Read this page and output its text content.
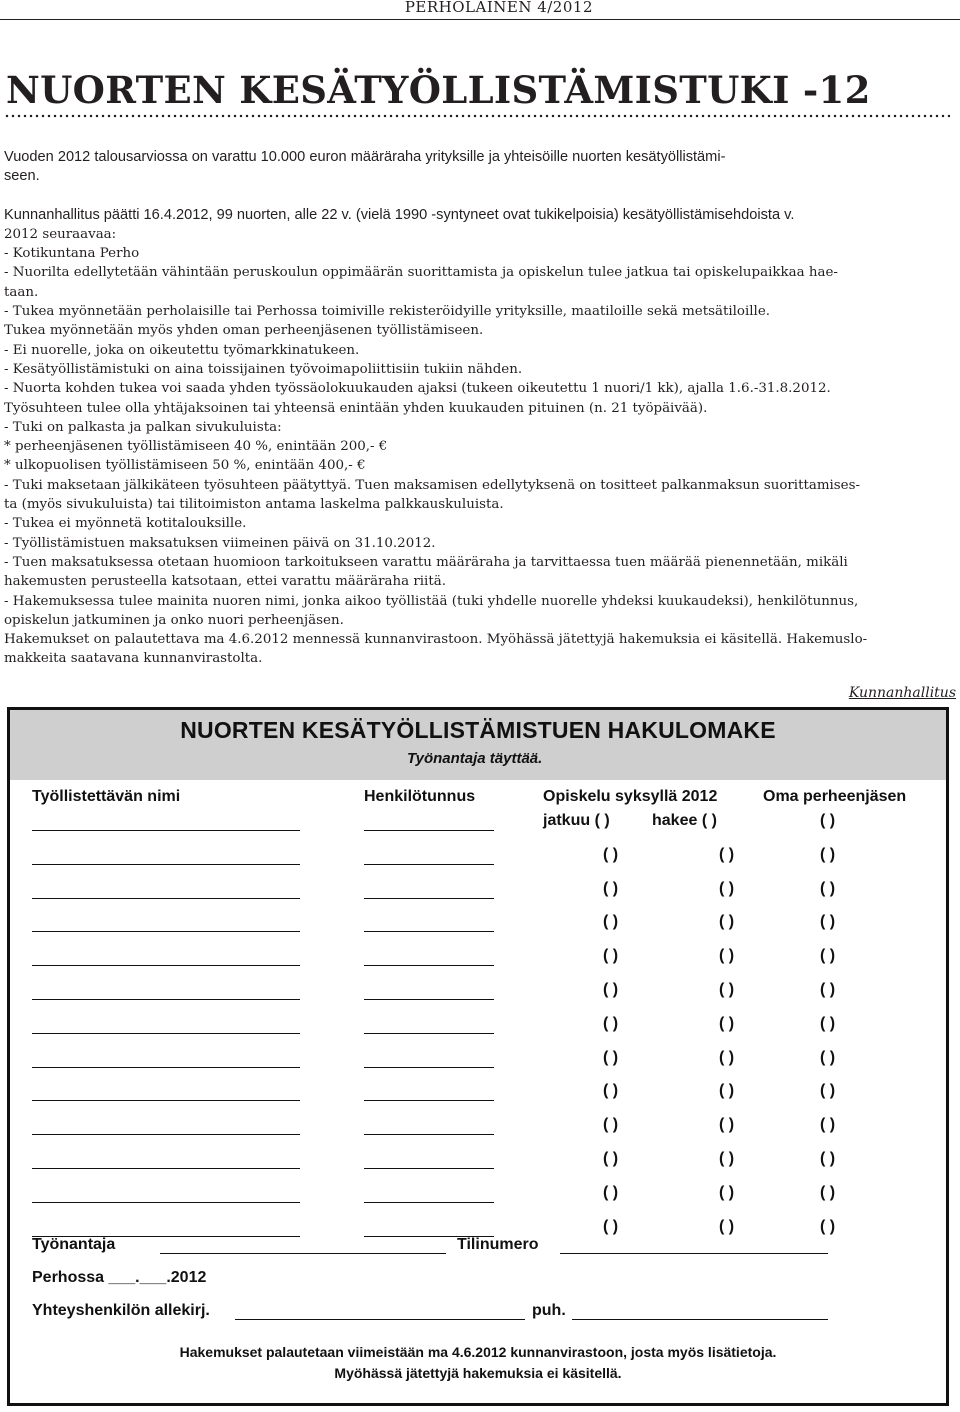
PERHOLAINEN 4/2012
NUORTEN KESÄTYÖLLISTÄMISTUKI -12

Vuoden 2012 talousarviossa on varattu 10.000 euron määräraha yrityksille ja yhteisöille nuorten kesätyöllistämi-

seen.

Kunnanhallitus päätti 16.4.2012, 99 nuorten, alle 22 v. (vielä 1990 -syntyneet ovat tukikelpoisia) kesätyöllistämisehdoista v.

2012 seuraavaa:

- Kotikuntana Perho

- Nuorilta edellytetään vähintään peruskoulun oppimäärän suorittamista ja opiskelun tulee jatkua tai opiskelupaikkaa hae-

taan.

- Tukea myönnetään perholaisille tai Perhossa toimiville rekisteröidyille yrityksille, maatiloille sekä metsätiloille.

Tukea myönnetään myös yhden oman perheenjäsenen työllistämiseen.

- Ei nuorelle, joka on oikeutettu työmarkkinatukeen.

- Kesätyöllistämistuki on aina toissijainen työvoimapoliittisiin tukiin nähden.

- Nuorta kohden tukea voi saada yhden työssäolokuukauden ajaksi (tukeen oikeutettu 1 nuori/1 kk), ajalla 1.6.-31.8.2012.

Työsuhteen tulee olla yhtäjaksoinen tai yhteensä enintään yhden kuukauden pituinen (n. 21 työpäivää).

- Tuki on palkasta ja palkan sivukuluista:

* perheenjäsenen työllistämiseen 40 %, enintään 200,- €

* ulkopuolisen työllistämiseen 50 %, enintään 400,- €

- Tuki maksetaan jälkikäteen työsuhteen päätyttyä. Tuen maksamisen edellytyksenä on tositteet palkanmaksun suorittamises-

ta (myös sivukuluista) tai tilitoimiston antama laskelma palkkauskuluista.

- Tukea ei myönnetä kotitalouksille.

- Työllistämistuen maksatuksen viimeinen päivä on 31.10.2012.

- Tuen maksatuksessa otetaan huomioon tarkoitukseen varattu määräraha ja tarvittaessa tuen määrää pienennetään, mikäli

hakemusten perusteella katsotaan, ettei varattu määräraha riitä.

- Hakemuksessa tulee mainita nuoren nimi, jonka aikoo työllistää (tuki yhdelle nuorelle yhdeksi kuukaudeksi), henkilötunnus,

opiskelun jatkuminen ja onko nuori perheenjäsen.

Hakemukset on palautettava ma 4.6.2012 mennessä kunnanvirastoon. Myöhässä jätettyjä hakemuksia ei käsitellä. Hakemuslo-

makkeita saatavana kunnanvirastolta.

Kunnanhallitus
NUORTEN KESÄTYÖLLISTÄMISTUEN HAKULOMAKE
Työnantaja täyttää.
Työllistettävän nimi	Henkilötunnus	Opiskelu syksyllä 2012	Oma perheenjäsen
jatkuu ( )	hakee ( )	( )
( )	( )	( )
( )	( )	( )
( )	( )	( )
( )	( )	( )
( )	( )	( )
( )	( )	( )
( )	( )	( )
( )	( )	( )
( )	( )	( )
( )	( )	( )
( )	( )	( )
( )	( )	( )
Työnantaja	Tilinumero
Perhossa ___.___.2012
Yhteyshenkilön allekirj.	puh.
Hakemukset palautetaan viimeistään ma 4.6.2012 kunnanvirastoon, josta myös lisätietoja.
Myöhässä jätettyjä hakemuksia ei käsitellä.
